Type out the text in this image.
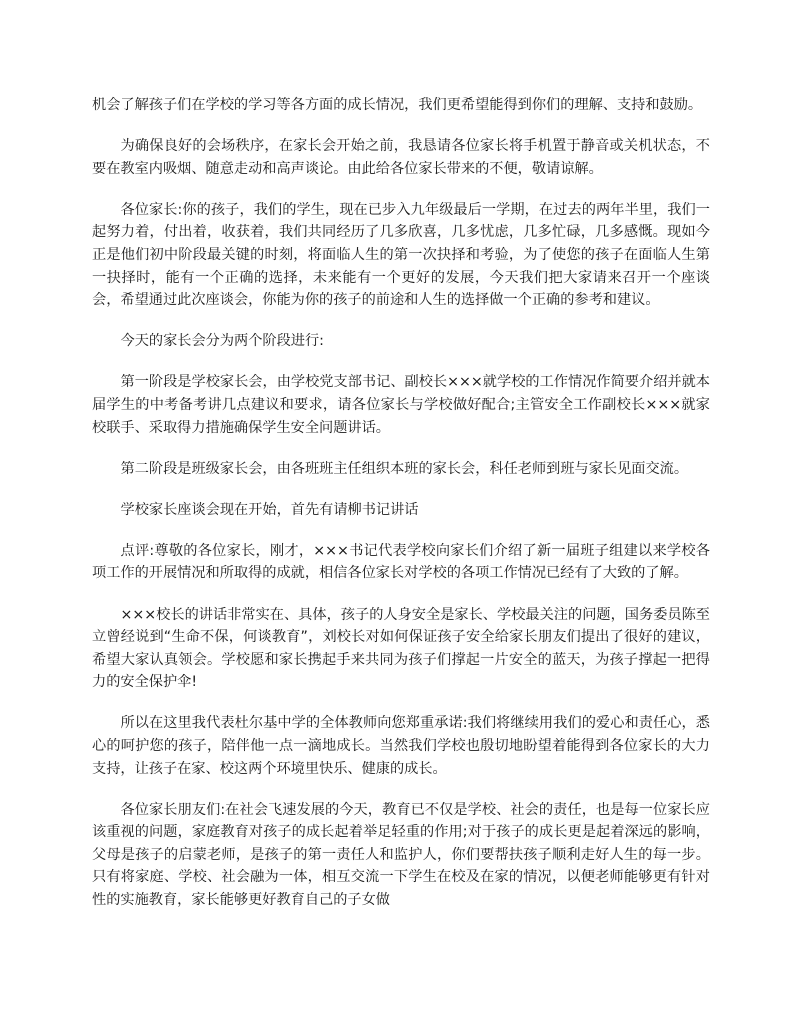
机会了解孩子们在学校的学习等各方面的成长情况，我们更希望能得到你们的理解、支持和鼓励。

为确保良好的会场秩序，在家长会开始之前，我恳请各位家长将手机置于静音或关机状态，不要在教室内吸烟、随意走动和高声谈论。由此给各位家长带来的不便，敬请谅解。

各位家长:你的孩子，我们的学生，现在已步入九年级最后一学期，在过去的两年半里，我们一起努力着，付出着，收获着，我们共同经历了几多欣喜，几多忧虑，几多忙碌，几多感慨。现如今正是他们初中阶段最关键的时刻，将面临人生的第一次抉择和考验，为了使您的孩子在面临人生第一抉择时，能有一个正确的选择，未来能有一个更好的发展，今天我们把大家请来召开一个座谈会，希望通过此次座谈会，你能为你的孩子的前途和人生的选择做一个正确的参考和建议。

今天的家长会分为两个阶段进行:

第一阶段是学校家长会，由学校党支部书记、副校长×××就学校的工作情况作简要介绍并就本届学生的中考备考讲几点建议和要求，请各位家长与学校做好配合;主管安全工作副校长×××就家校联手、采取得力措施确保学生安全问题讲话。

第二阶段是班级家长会，由各班班主任组织本班的家长会，科任老师到班与家长见面交流。

学校家长座谈会现在开始，首先有请柳书记讲话

点评:尊敬的各位家长，刚才，×××书记代表学校向家长们介绍了新一届班子组建以来学校各项工作的开展情况和所取得的成就，相信各位家长对学校的各项工作情况已经有了大致的了解。

×××校长的讲话非常实在、具体，孩子的人身安全是家长、学校最关注的问题，国务委员陈至立曾经说到“生命不保，何谈教育”，刘校长对如何保证孩子安全给家长朋友们提出了很好的建议，希望大家认真领会。学校愿和家长携起手来共同为孩子们撑起一片安全的蓝天，为孩子撑起一把得力的安全保护伞!

所以在这里我代表杜尔基中学的全体教师向您郑重承诺:我们将继续用我们的爱心和责任心，悉心的呵护您的孩子，陪伴他一点一滴地成长。当然我们学校也殷切地盼望着能得到各位家长的大力支持，让孩子在家、校这两个环境里快乐、健康的成长。

各位家长朋友们:在社会飞速发展的今天，教育已不仅是学校、社会的责任，也是每一位家长应该重视的问题，家庭教育对孩子的成长起着举足轻重的作用;对于孩子的成长更是起着深远的影响，父母是孩子的启蒙老师，是孩子的第一责任人和监护人，你们要帮扶孩子顺利走好人生的每一步。只有将家庭、学校、社会融为一体，相互交流一下学生在校及在家的情况，以便老师能够更有针对性的实施教育，家长能够更好教育自己的子女做
